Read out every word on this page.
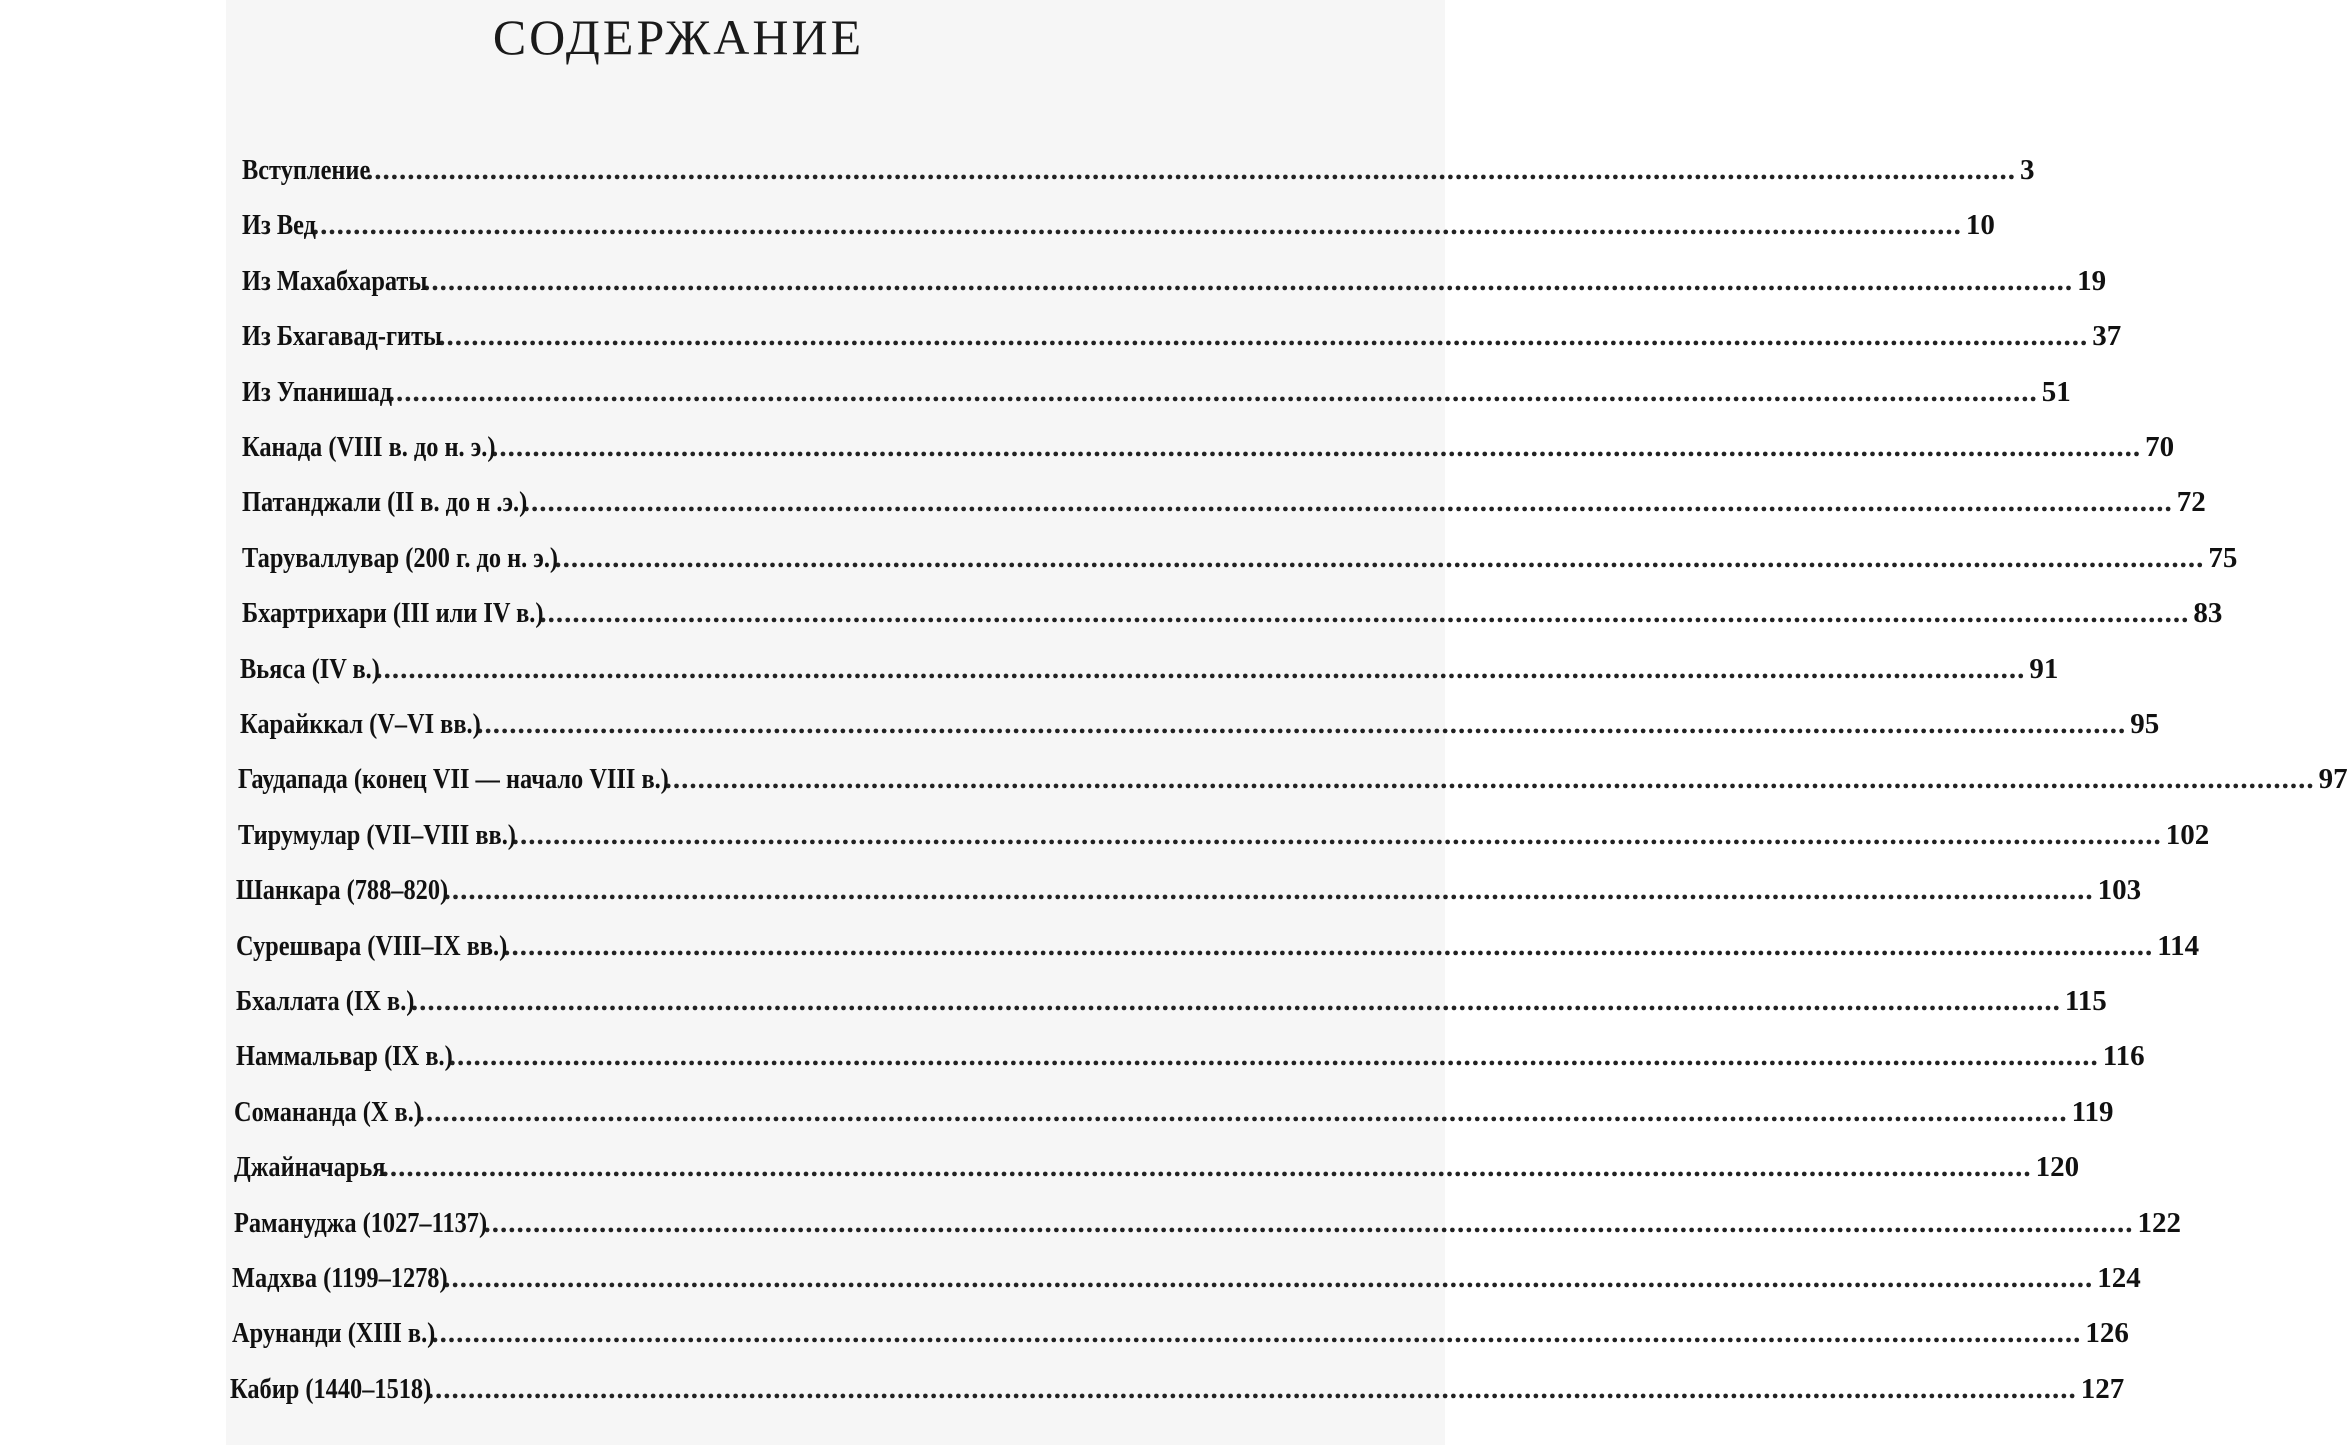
СОДЕРЖАНИЕ
Вступление
........................................................................................................................................................................................................ 3
Из Вед
........................................................................................................................................................................................................ 10
Из Махабхараты
........................................................................................................................................................................................................ 19
Из Бхагавад-гиты
........................................................................................................................................................................................................ 37
Из Упанишад
........................................................................................................................................................................................................ 51
Канада (VIII в. до н. э.)
........................................................................................................................................................................................................ 70
Патанджали (II в. до н .э.)
........................................................................................................................................................................................................ 72
Таруваллувар (200 г. до н. э.)
........................................................................................................................................................................................................ 75
Бхартрихари (III или IV в.)
........................................................................................................................................................................................................ 83
Вьяса (IV в.)
........................................................................................................................................................................................................ 91
Карайккал (V–VI вв.)
........................................................................................................................................................................................................ 95
Гаудапада (конец VII — начало VIII в.)
........................................................................................................................................................................................................ 97
Тирумулар (VII–VIII вв.)
........................................................................................................................................................................................................ 102
Шанкара (788–820)
........................................................................................................................................................................................................ 103
Сурешвара (VIII–IX вв.)
........................................................................................................................................................................................................ 114
Бхаллата (IX в.)
........................................................................................................................................................................................................ 115
Наммальвар (IX в.)
........................................................................................................................................................................................................ 116
Сомананда (X в.)
........................................................................................................................................................................................................ 119
Джайначарья
........................................................................................................................................................................................................ 120
Рамануджа (1027–1137)
........................................................................................................................................................................................................ 122
Мадхва (1199–1278)
........................................................................................................................................................................................................ 124
Арунанди (XIII в.)
........................................................................................................................................................................................................ 126
Кабир (1440–1518)
........................................................................................................................................................................................................ 127
